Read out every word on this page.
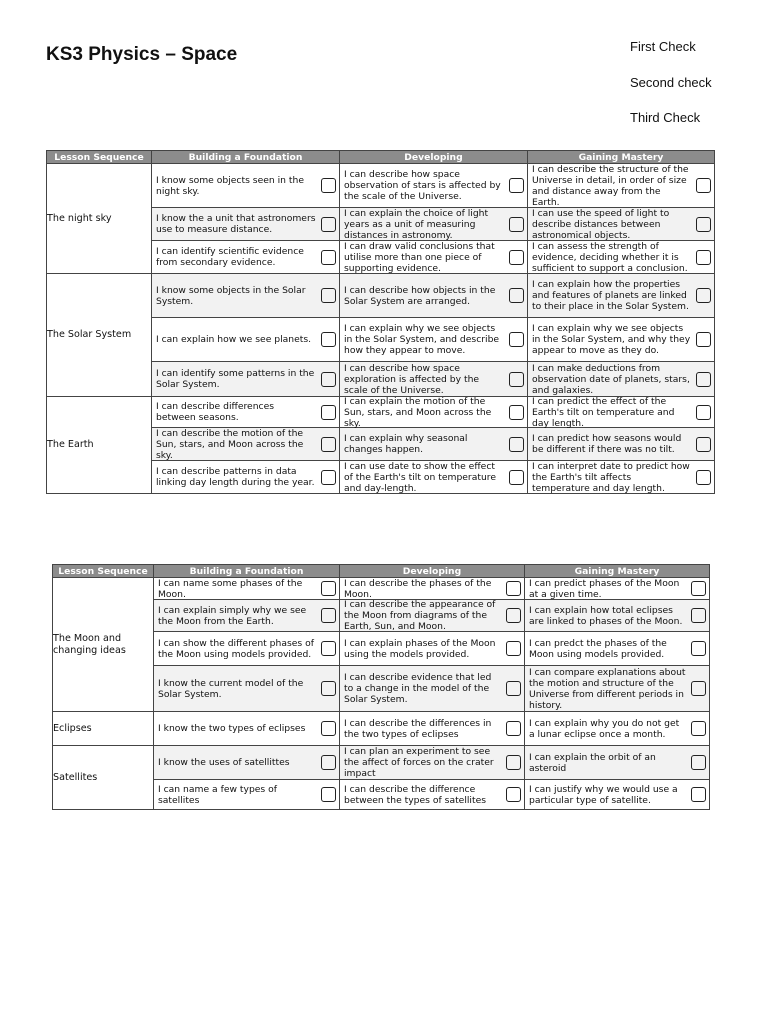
KS3 Physics – Space	First Check
Second check
Third Check
Lesson Sequence	Building a Foundation	Developing	Gaining Mastery
The night sky	I know some objects seen in the night sky.	I can describe how space observation of stars is affected by the scale of the Universe.	I can describe the structure of the Universe in detail, in order of size and distance away from the Earth.

	I know the a unit that astronomers use to measure distance.	I can explain the choice of light years as a unit of measuring distances in astronomy.	I can use the speed of light to describe distances between astronomical objects.

	I can identify scientific evidence from secondary evidence.	I can draw valid conclusions that utilise more than one piece of supporting evidence.	I can assess the strength of evidence, deciding whether it is sufficient to support a conclusion.

The Solar System	I know some objects in the Solar System.	I can describe how objects in the Solar System are arranged.	I can explain how the properties and features of planets are linked to their place in the Solar System.

	I can explain how we see planets.	I can explain why we see objects in the Solar System, and describe how they appear to move.	I can explain why we see objects in the Solar System, and why they appear to move as they do.

	I can identify some patterns in the Solar System.	I can describe how space exploration is affected by the scale of the Universe.	I can make deductions from observation date of planets, stars, and galaxies.

The Earth	I can describe differences between seasons.	I can explain the motion of the Sun, stars, and Moon across the sky.	I can predict the effect of the Earth's tilt on temperature and day length.

	I can describe the motion of the Sun, stars, and Moon across the sky.	I can explain why seasonal changes happen.	I can predict how seasons would be different if there was no tilt.

	I can describe patterns in data linking day length during the year.	I can use date to show the effect of the Earth's tilt on temperature and day-length.	I can interpret date to predict how the Earth's tilt affects temperature and day length.
Lesson Sequence	Building a Foundation	Developing	Gaining Mastery
The Moon and changing ideas	I can name some phases of the Moon.	I can describe the phases of the Moon.	I can predict phases of the Moon at a given time.

	I can explain simply why we see the Moon from the Earth.	I can describe the appearance of the Moon from diagrams of the Earth, Sun, and Moon.	I can explain how total eclipses are linked to phases of the Moon.

	I can show the different phases of the Moon using models provided.	I can explain phases of the Moon using the models provided.	I can predct the phases of the Moon using models provided.

	I know the current model of the Solar System.	I can describe evidence that led to a change in the model of the Solar System.	I can compare explanations about the motion and structure of the Universe from different periods in history.

Eclipses	I know the two types of eclipses	I can describe the differences in the two types of eclipses	I can explain why you do not get a lunar eclipse once a month.

Satellites	I know the uses of satellittes	I can plan an experiment to see the affect of forces on the crater impact	I can explain the orbit of an asteroid

	I can name a few types of satellites	I can describe the difference between the types of satellites	I can justify why we would use a particular type of satellite.
